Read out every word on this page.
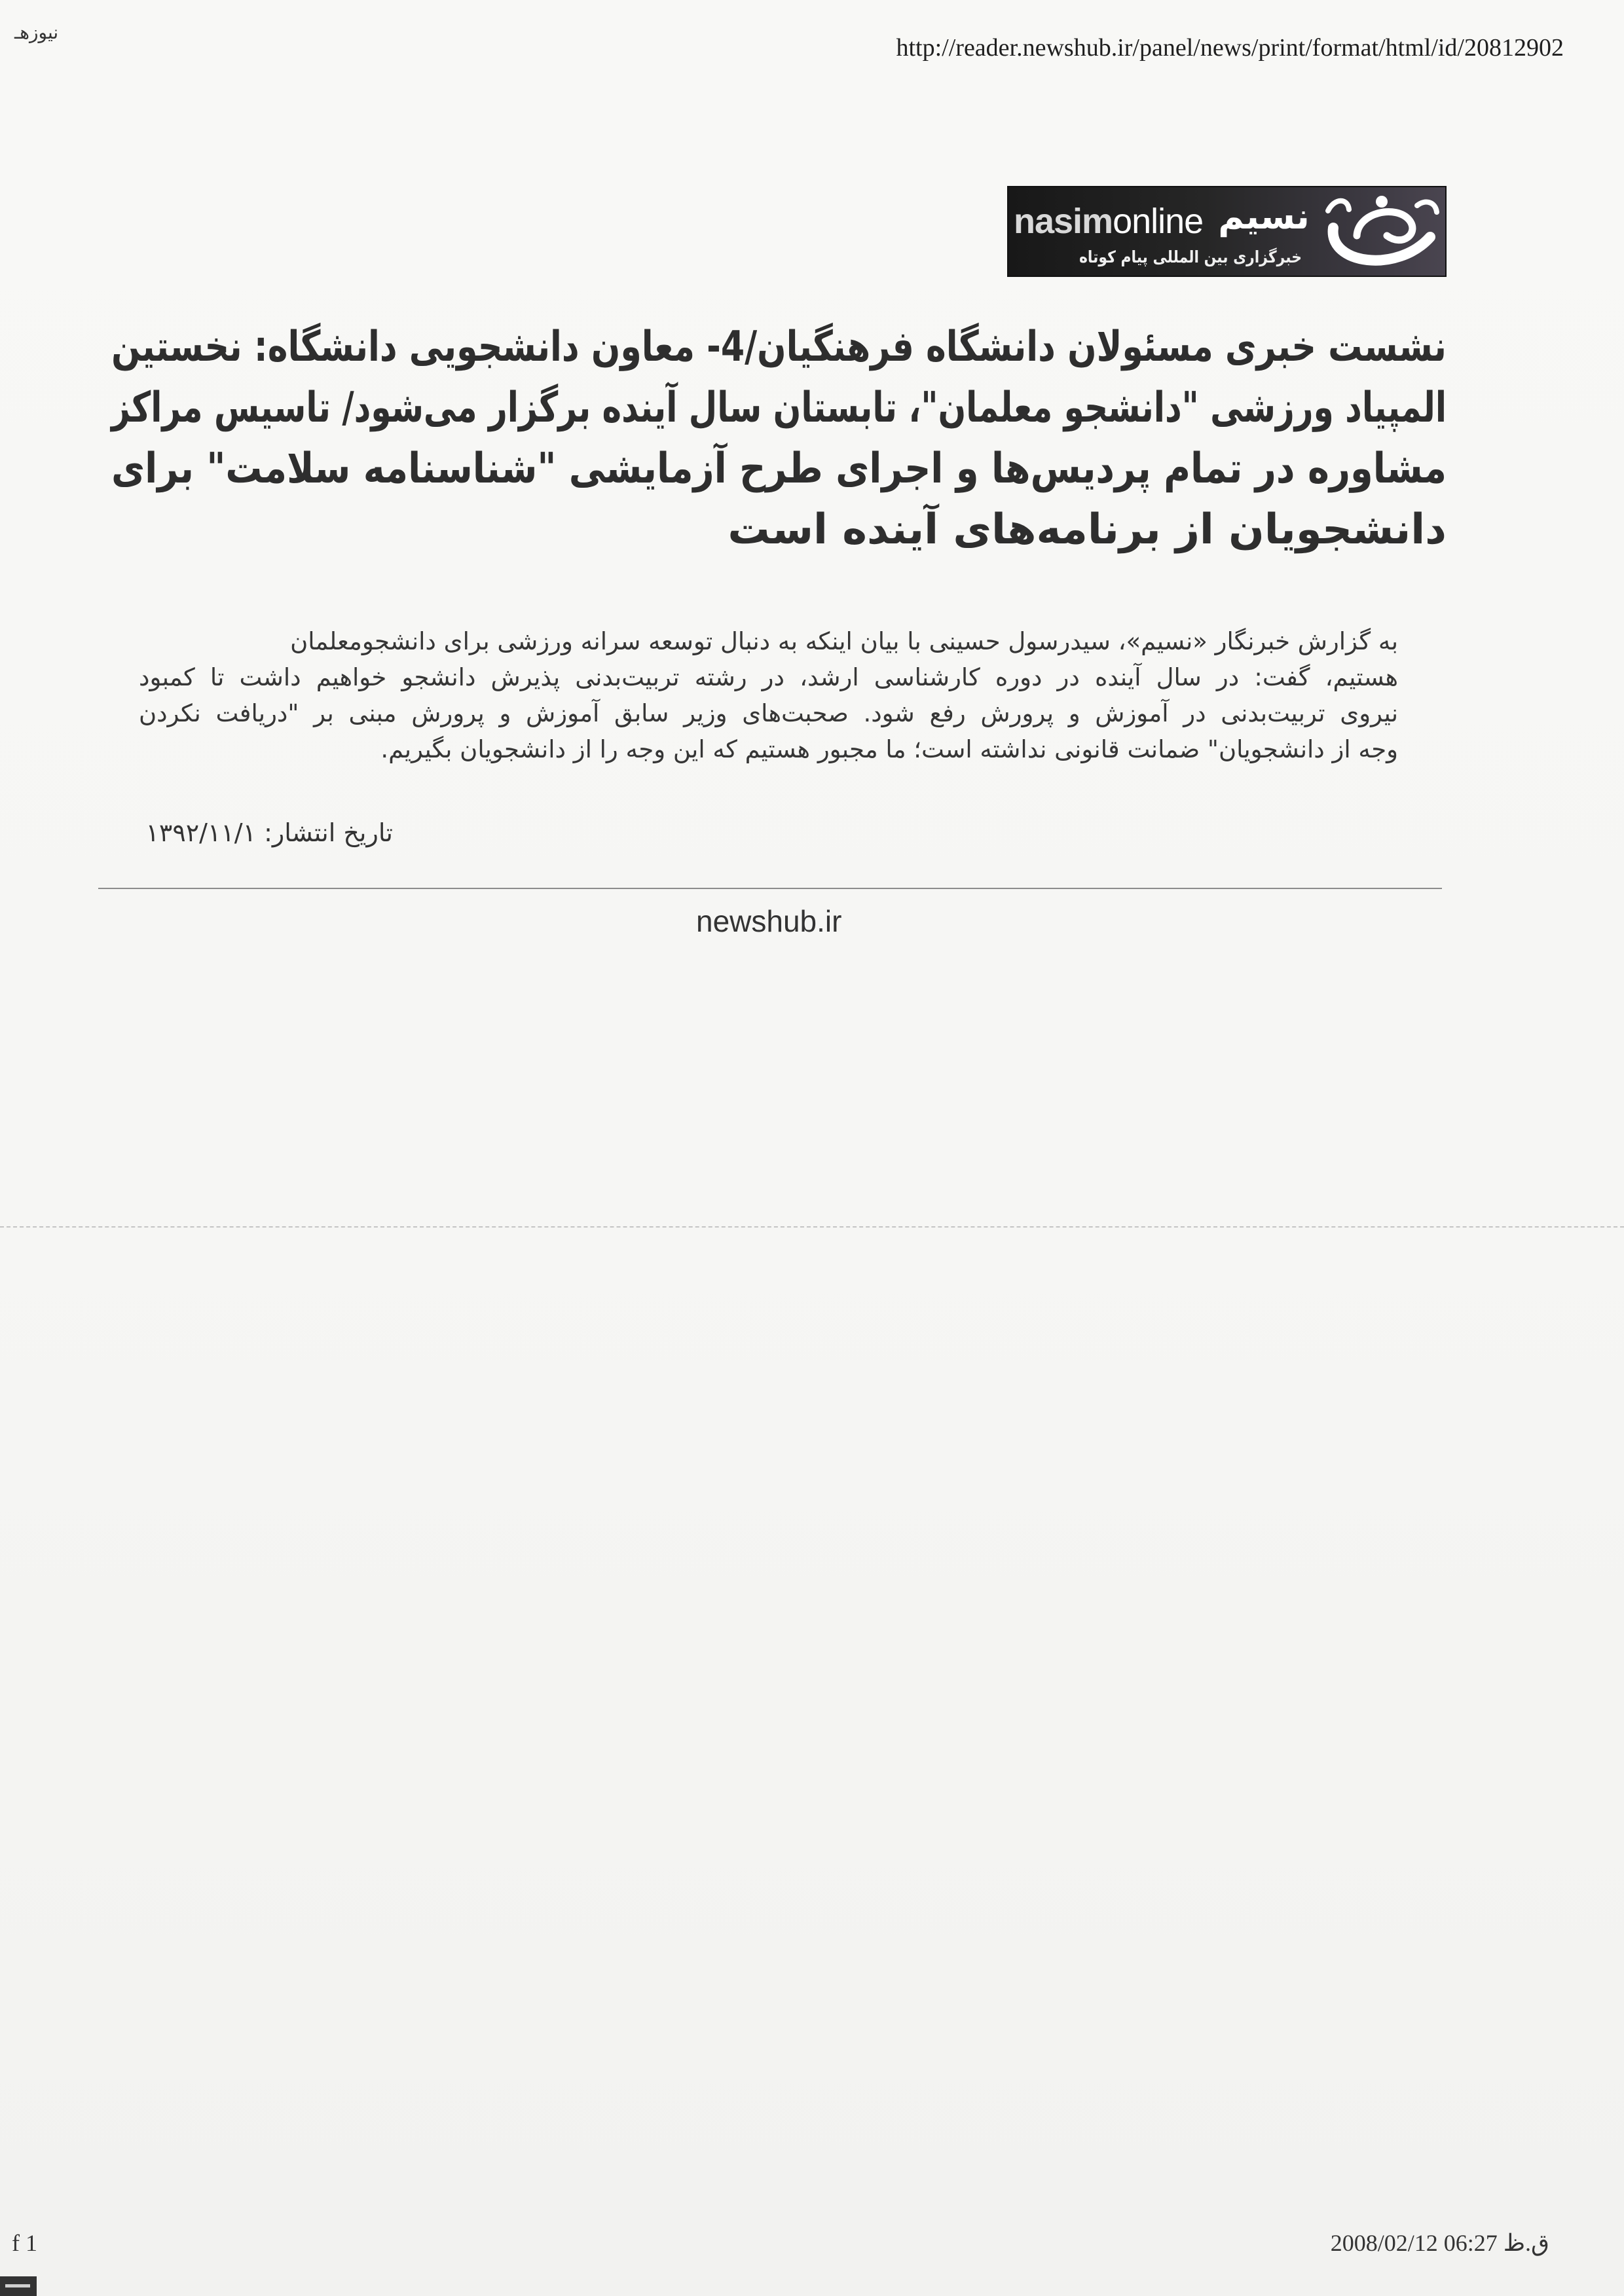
نیوزهـ
http://reader.newshub.ir/panel/news/print/format/html/id/20812902
nasimonline نسیم
خبرگزاری بین المللی پیام کوتاه
نشست خبری مسئولان دانشگاه فرهنگیان/4- معاون دانشجویی دانشگاه: نخستین
المپیاد ورزشی "دانشجو معلمان"، تابستان سال آینده برگزار می‌شود/ تاسیس مراکز
مشاوره در تمام پردیس‌ها و اجرای طرح آزمایشی "شناسنامه سلامت" برای
دانشجویان از برنامه‌های آینده است
به گزارش خبرنگار «نسیم»، سیدرسول حسینی با بیان اینکه به دنبال توسعه سرانه ورزشی برای دانشجومعلمان
هستیم، گفت: در سال آینده در دوره کارشناسی ارشد، در رشته تربیت‌بدنی پذیرش دانشجو خواهیم داشت تا کمبود
نیروی تربیت‌بدنی در آموزش و پرورش رفع شود. صحبت‌های وزیر سابق آموزش و پرورش مبنی بر "دریافت نکردن
وجه از دانشجویان" ضمانت قانونی نداشته است؛ ما مجبور هستیم که این وجه را از دانشجویان بگیریم.
تاریخ انتشار: ۱۳۹۲/۱۱/۱
newshub.ir
f 1	2008/02/12 06:27 ق.ظ
